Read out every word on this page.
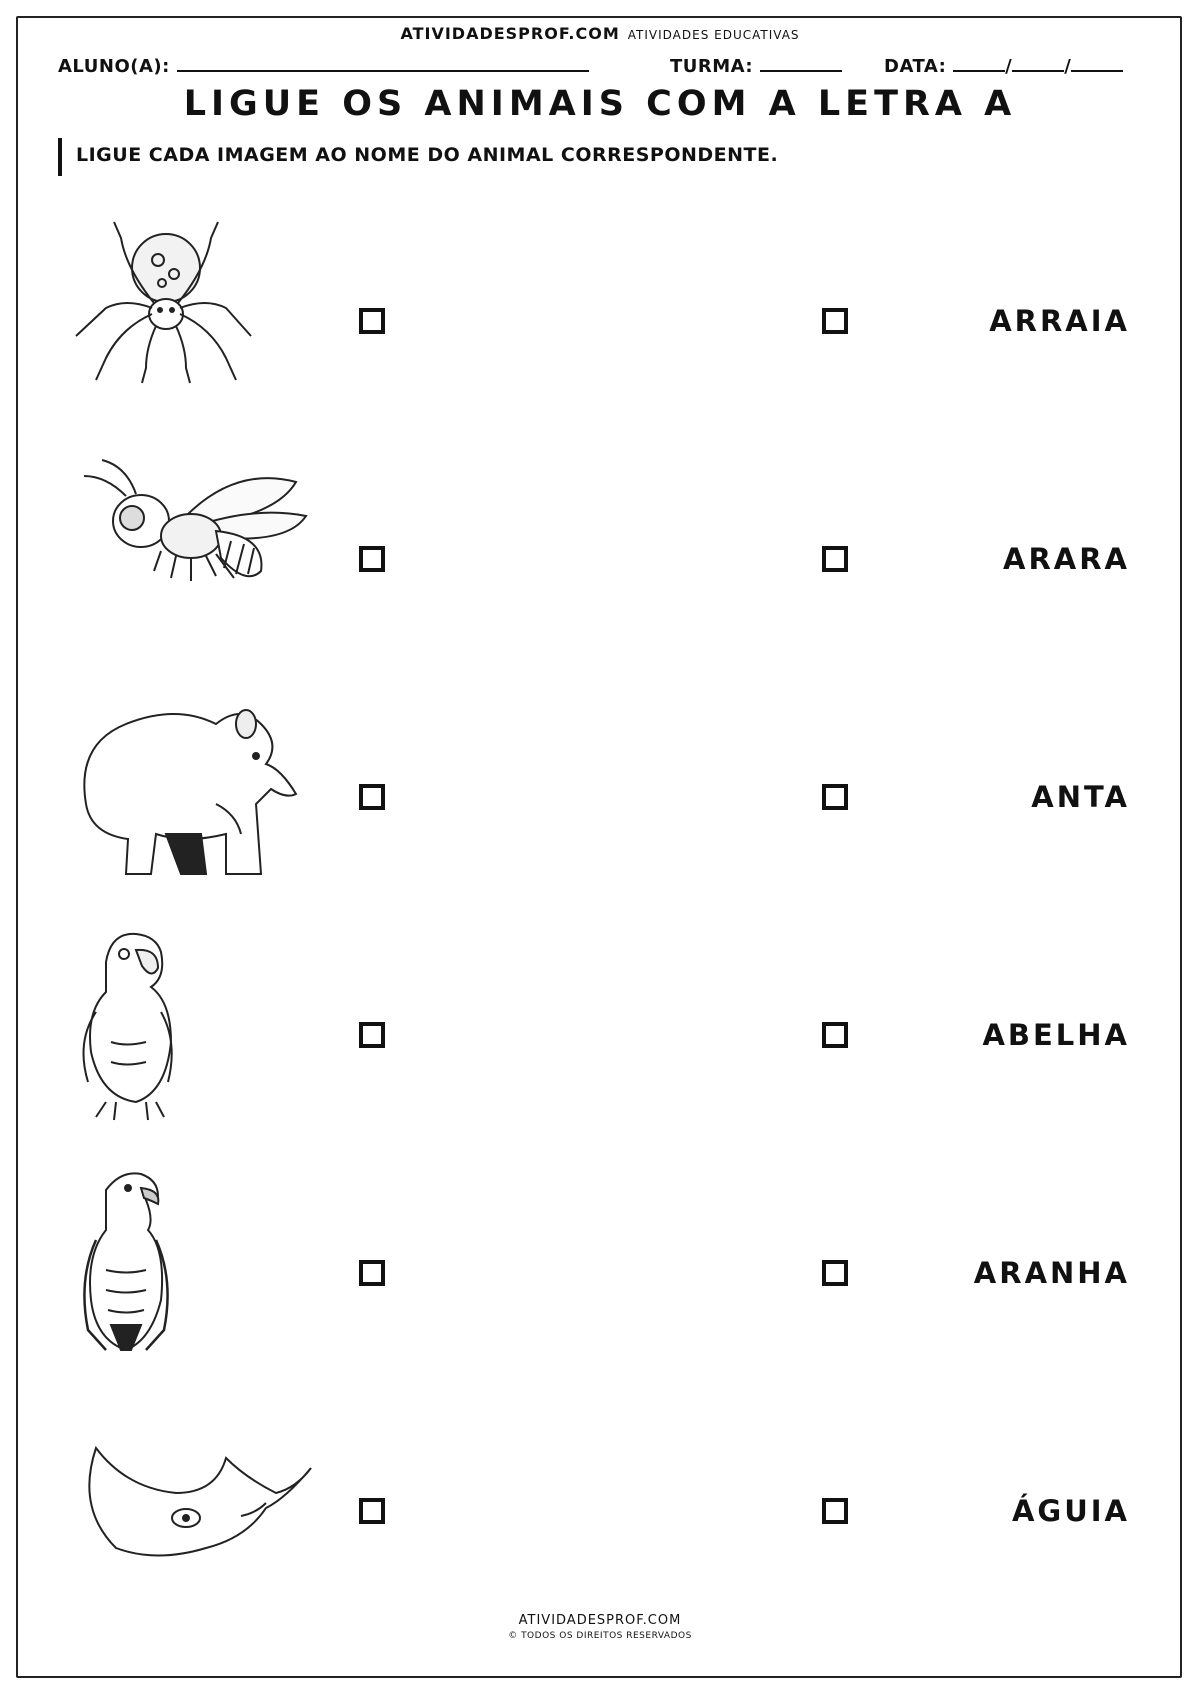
ATIVIDADESPROF.COM ATIVIDADES EDUCATIVAS
ALUNO(A):	TURMA:	DATA:	/	/
LIGUE OS ANIMAIS COM A LETRA A
LIGUE CADA IMAGEM AO NOME DO ANIMAL CORRESPONDENTE.
ARRAIA
ARARA
ANTA
ABELHA
ARANHA
ÁGUIA
ATIVIDADESPROF.COM
© TODOS OS DIREITOS RESERVADOS
